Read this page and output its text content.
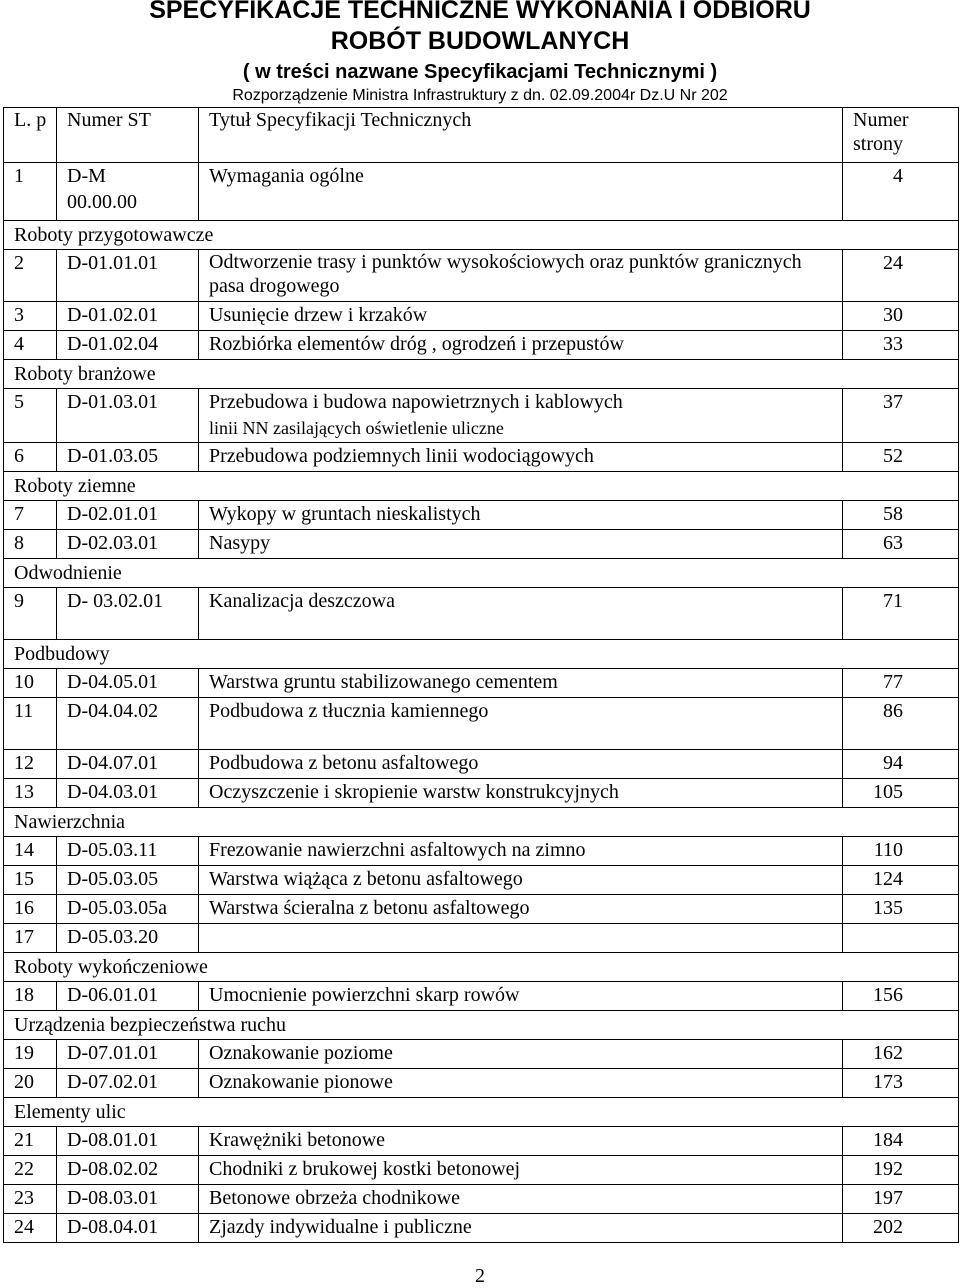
SPECYFIKACJE TECHNICZNE WYKONANIA I ODBIORU
ROBÓT BUDOWLANYCH
( w treści nazwane Specyfikacjami Technicznymi )
Rozporządzenie Ministra Infrastruktury z dn. 02.09.2004r Dz.U Nr 202
L. p	Numer ST	Tytuł Specyfikacji Technicznych	Numer strony
1	D-M 00.00.00	Wymagania ogólne	4
Roboty przygotowawcze			
2	D-01.01.01	Odtworzenie trasy i punktów wysokościowych oraz punktów granicznych pasa drogowego	24
3	D-01.02.01	Usunięcie drzew i krzaków	30
4	D-01.02.04	Rozbiórka elementów dróg , ogrodzeń i przepustów	33
Roboty branżowe			
5	D-01.03.01	Przebudowa i budowa napowietrznych i kablowych
linii NN zasilających oświetlenie uliczne	37
6	D-01.03.05	Przebudowa podziemnych linii wodociągowych	52
Roboty ziemne			
7	D-02.01.01	Wykopy w gruntach nieskalistych	58
8	D-02.03.01	Nasypy	63
Odwodnienie			
9	D- 03.02.01	Kanalizacja deszczowa	71
Podbudowy			
10	D-04.05.01	Warstwa gruntu stabilizowanego cementem	77
11	D-04.04.02	Podbudowa z tłucznia kamiennego	86
12	D-04.07.01	Podbudowa z betonu asfaltowego	94
13	D-04.03.01	Oczyszczenie i skropienie warstw konstrukcyjnych	105
Nawierzchnia			
14	D-05.03.11	Frezowanie nawierzchni asfaltowych na zimno	110
15	D-05.03.05	Warstwa wiążąca z betonu asfaltowego	124
16	D-05.03.05a	Warstwa ścieralna z betonu asfaltowego	135
17	D-05.03.20		
Roboty wykończeniowe			
18	D-06.01.01	Umocnienie powierzchni skarp rowów	156
Urządzenia bezpieczeństwa ruchu			
19	D-07.01.01	Oznakowanie poziome	162
20	D-07.02.01	Oznakowanie pionowe	173
Elementy ulic			
21	D-08.01.01	Krawężniki betonowe	184
22	D-08.02.02	Chodniki z brukowej kostki betonowej	192
23	D-08.03.01	Betonowe obrzeża chodnikowe	197
24	D-08.04.01	Zjazdy indywidualne i publiczne	202
2
